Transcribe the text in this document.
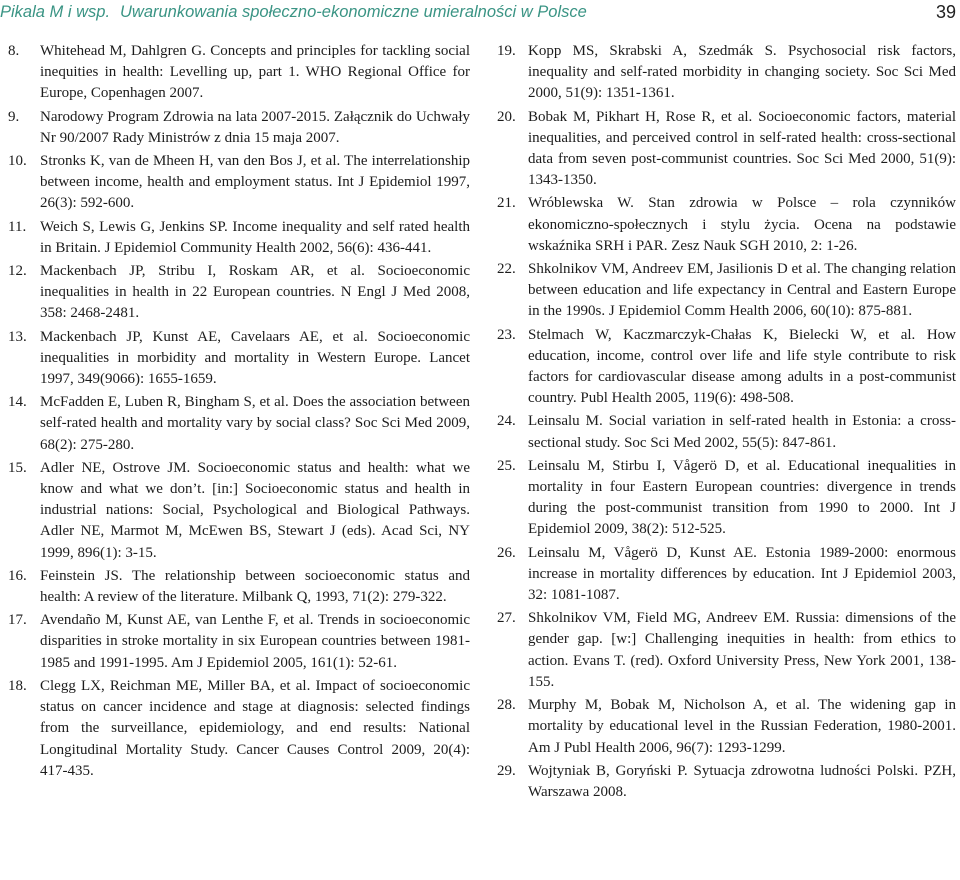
Pikala M i wsp. Uwarunkowania społeczno-ekonomiczne umieralności w Polsce	39
8.	Whitehead M, Dahlgren G. Concepts and principles for tackling social inequities in health: Levelling up, part 1. WHO Regional Office for Europe, Copenhagen 2007.
9.	Narodowy Program Zdrowia na lata 2007-2015. Załącznik do Uchwały Nr 90/2007 Rady Ministrów z dnia 15 maja 2007.
10. Stronks K, van de Mheen H, van den Bos J, et al. The interrelationship between income, health and employment status. Int J Epidemiol 1997, 26(3): 592-600.
11. Weich S, Lewis G, Jenkins SP. Income inequality and self rated health in Britain. J Epidemiol Community Health 2002, 56(6): 436-441.
12. Mackenbach JP, Stribu I, Roskam AR, et al. Socioeconomic inequalities in health in 22 European countries. N Engl J Med 2008, 358: 2468-2481.
13. Mackenbach JP, Kunst AE, Cavelaars AE, et al. Socioeconomic inequalities in morbidity and mortality in Western Europe. Lancet 1997, 349(9066): 1655-1659.
14. McFadden E, Luben R, Bingham S, et al. Does the association between self-rated health and mortality vary by social class? Soc Sci Med 2009, 68(2): 275-280.
15. Adler NE, Ostrove JM. Socioeconomic status and health: what we know and what we don’t. [in:] Socioeconomic status and health in industrial nations: Social, Psychological and Biological Pathways. Adler NE, Marmot M, McEwen BS, Stewart J (eds). Acad Sci, NY 1999, 896(1): 3-15.
16. Feinstein JS. The relationship between socioeconomic status and health: A review of the literature. Milbank Q, 1993, 71(2): 279-322.
17. Avendaño M, Kunst AE, van Lenthe F, et al. Trends in socioeconomic disparities in stroke mortality in six European countries between 1981-1985 and 1991-1995. Am J Epidemiol 2005, 161(1): 52-61.
18. Clegg LX, Reichman ME, Miller BA, et al. Impact of socioeconomic status on cancer incidence and stage at diagnosis: selected findings from the surveillance, epidemiology, and end results: National Longitudinal Mortality Study. Cancer Causes Control 2009, 20(4): 417-435.
19. Kopp MS, Skrabski A, Szedmák S. Psychosocial risk factors, inequality and self-rated morbidity in changing society. Soc Sci Med 2000, 51(9): 1351-1361.
20. Bobak M, Pikhart H, Rose R, et al. Socioeconomic factors, material inequalities, and perceived control in self-rated health: cross-sectional data from seven post-communist countries. Soc Sci Med 2000, 51(9): 1343-1350.
21. Wróblewska W. Stan zdrowia w Polsce – rola czynników ekonomiczno-społecznych i stylu życia. Ocena na podstawie wskaźnika SRH i PAR. Zesz Nauk SGH 2010, 2: 1-26.
22. Shkolnikov VM, Andreev EM, Jasilionis D et al. The changing relation between education and life expectancy in Central and Eastern Europe in the 1990s. J Epidemiol Comm Health 2006, 60(10): 875-881.
23. Stelmach W, Kaczmarczyk-Chałas K, Bielecki W, et al. How education, income, control over life and life style contribute to risk factors for cardiovascular disease among adults in a post-communist country. Publ Health 2005, 119(6): 498-508.
24. Leinsalu M. Social variation in self-rated health in Estonia: a cross-sectional study. Soc Sci Med 2002, 55(5): 847-861.
25. Leinsalu M, Stirbu I, Vågerö D, et al. Educational inequalities in mortality in four Eastern European countries: divergence in trends during the post-communist transition from 1990 to 2000. Int J Epidemiol 2009, 38(2): 512-525.
26. Leinsalu M, Vågerö D, Kunst AE. Estonia 1989-2000: enormous increase in mortality differences by education. Int J Epidemiol 2003, 32: 1081-1087.
27. Shkolnikov VM, Field MG, Andreev EM. Russia: dimensions of the gender gap. [w:] Challenging inequities in health: from ethics to action. Evans T. (red). Oxford University Press, New York 2001, 138-155.
28. Murphy M, Bobak M, Nicholson A, et al. The widening gap in mortality by educational level in the Russian Federation, 1980-2001. Am J Publ Health 2006, 96(7): 1293-1299.
29. Wojtyniak B, Goryński P. Sytuacja zdrowotna ludności Polski. PZH, Warszawa 2008.
